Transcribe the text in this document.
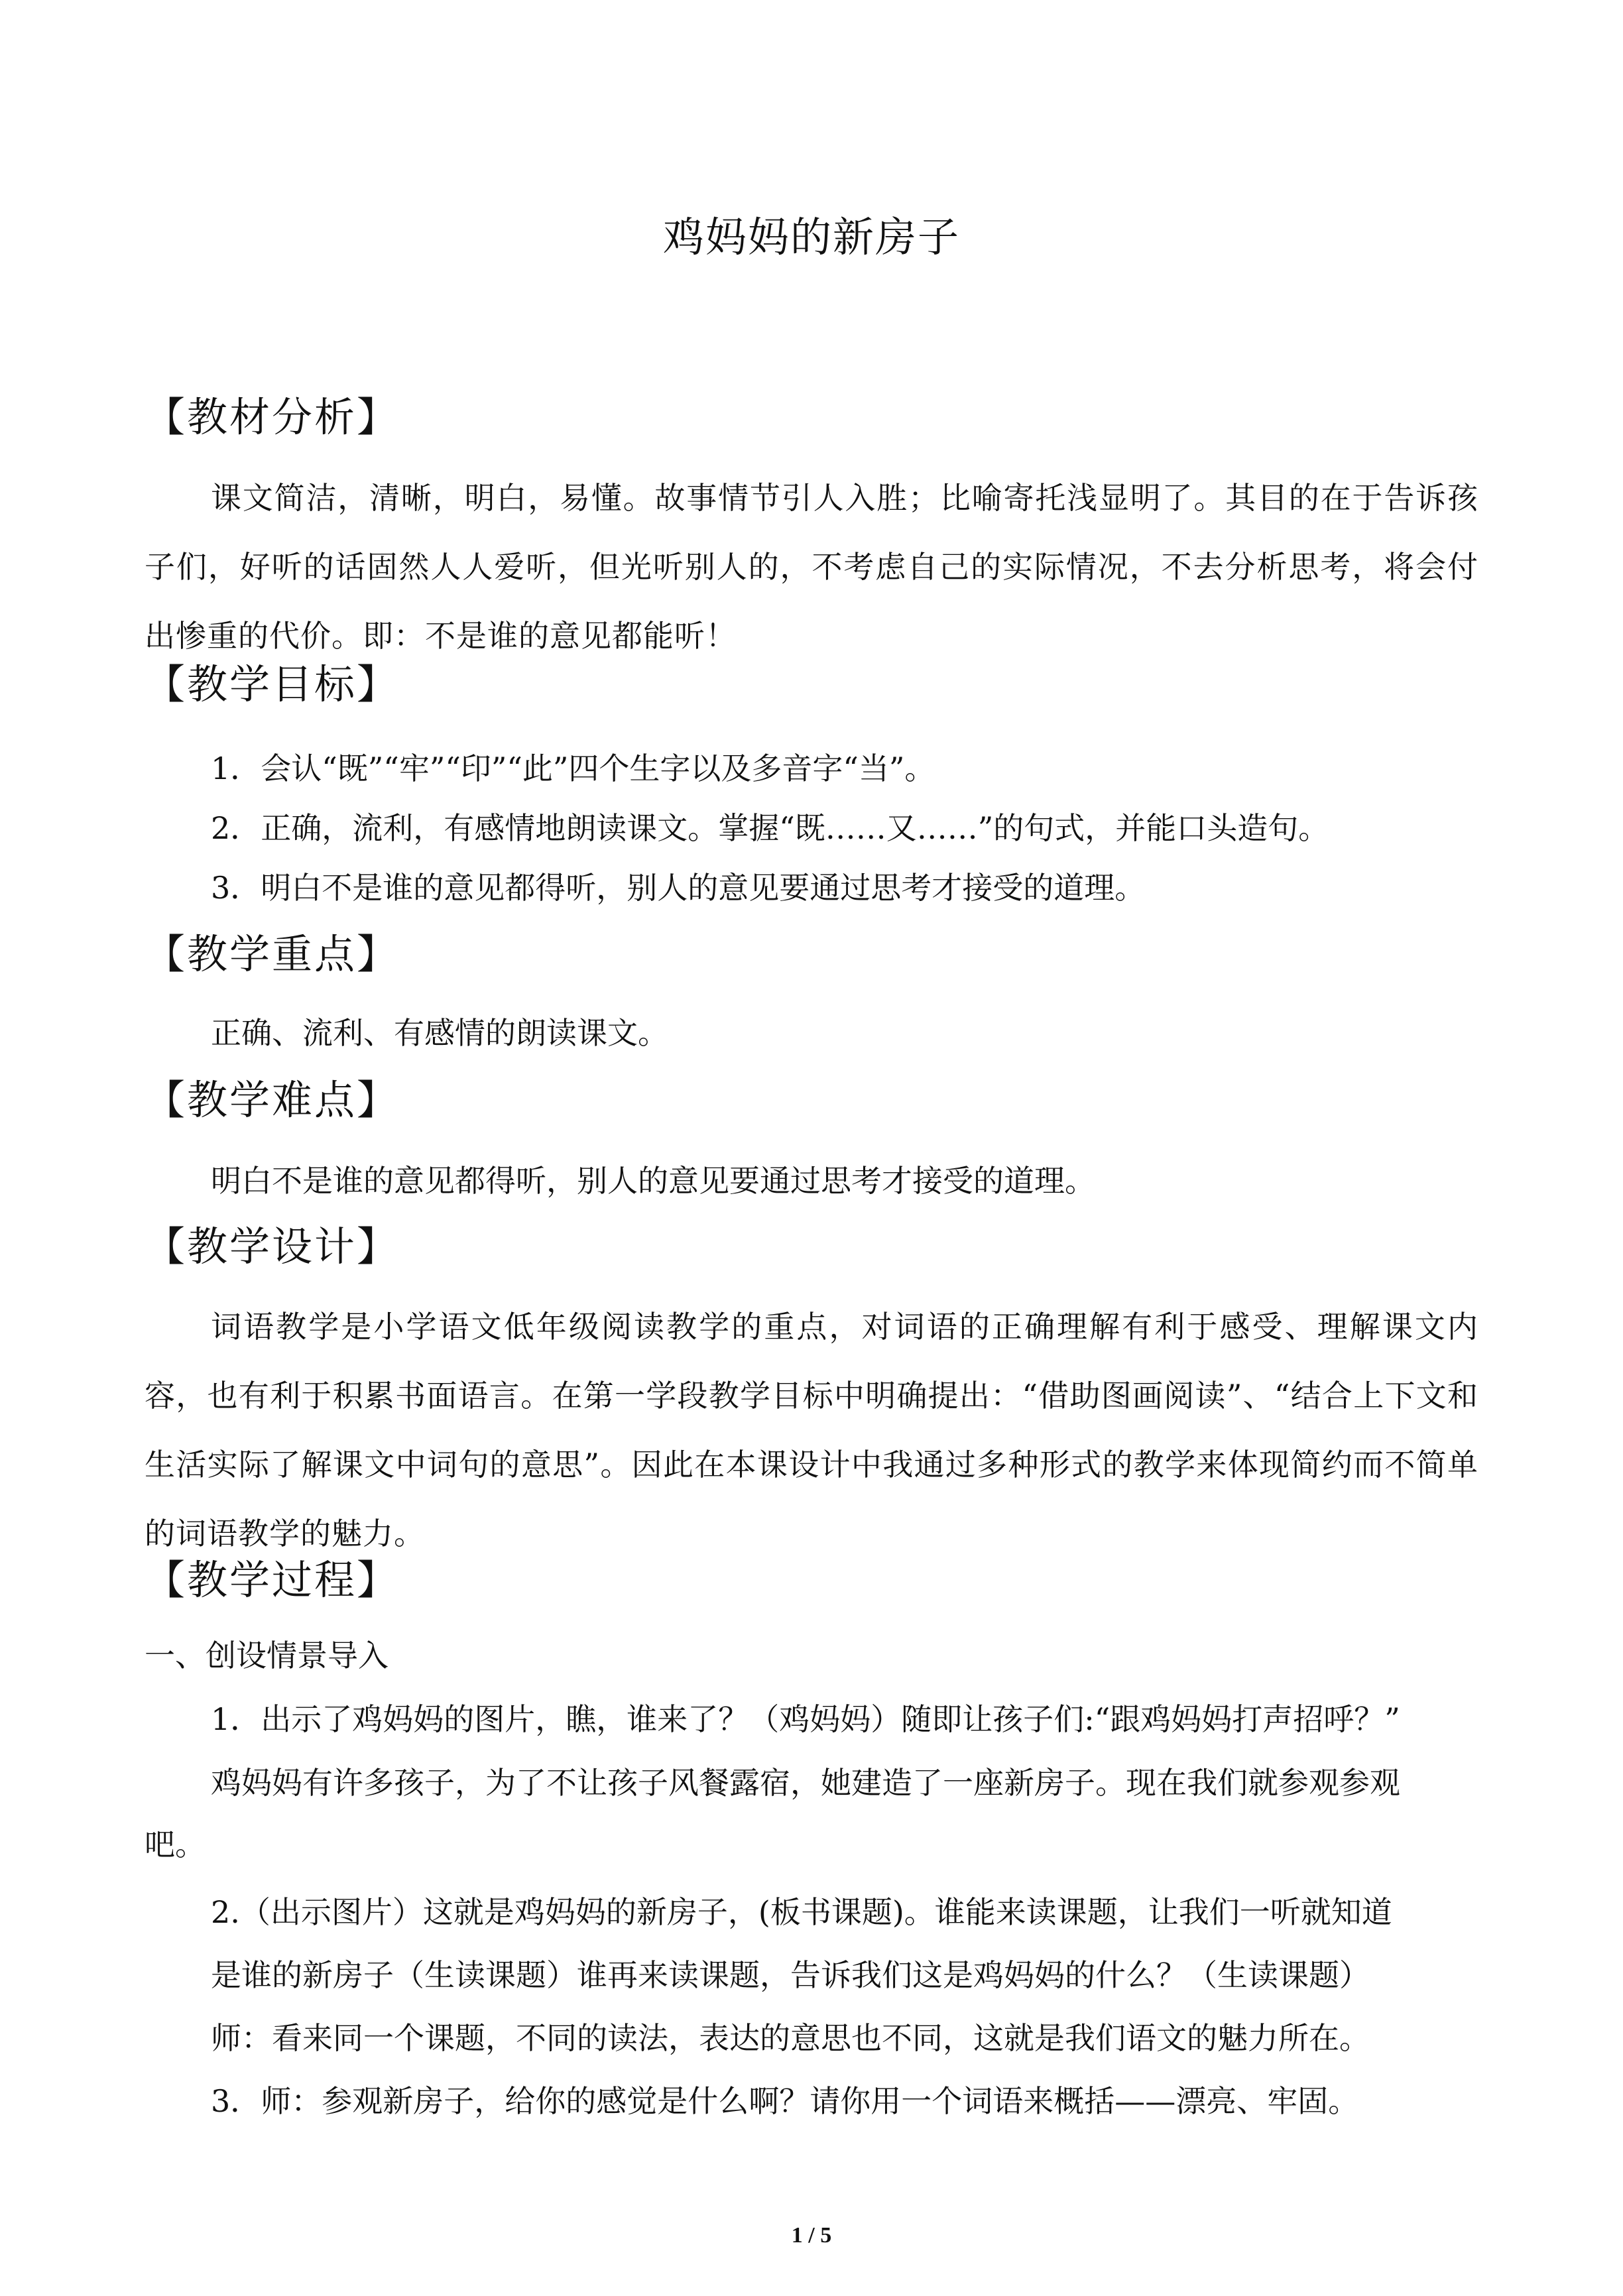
鸡妈妈的新房子
【教材分析】
课文简洁，清晰，明白，易懂。故事情节引人入胜；比喻寄托浅显明了。其目的在于告诉孩子们，好听的话固然人人爱听，但光听别人的，不考虑自己的实际情况，不去分析思考，将会付出惨重的代价。即：不是谁的意见都能听！
【教学目标】
1．会认“既”“牢”“印”“此”四个生字以及多音字“当”。
2．正确，流利，有感情地朗读课文。掌握“既……又……”的句式，并能口头造句。
3．明白不是谁的意见都得听，别人的意见要通过思考才接受的道理。
【教学重点】
正确、流利、有感情的朗读课文。
【教学难点】
明白不是谁的意见都得听，别人的意见要通过思考才接受的道理。
【教学设计】
词语教学是小学语文低年级阅读教学的重点，对词语的正确理解有利于感受、理解课文内容，也有利于积累书面语言。在第一学段教学目标中明确提出：“借助图画阅读”、“结合上下文和生活实际了解课文中词句的意思”。因此在本课设计中我通过多种形式的教学来体现简约而不简单的词语教学的魅力。
【教学过程】
一、创设情景导入
1．出示了鸡妈妈的图片，瞧，谁来了？（鸡妈妈）随即让孩子们:“跟鸡妈妈打声招呼？”
鸡妈妈有许多孩子，为了不让孩子风餐露宿，她建造了一座新房子。现在我们就参观参观
吧。
2.（出示图片）这就是鸡妈妈的新房子，(板书课题)。谁能来读课题，让我们一听就知道
是谁的新房子（生读课题）谁再来读课题，告诉我们这是鸡妈妈的什么？（生读课题）
师：看来同一个课题，不同的读法，表达的意思也不同，这就是我们语文的魅力所在。
3．师：参观新房子，给你的感觉是什么啊？请你用一个词语来概括——漂亮、牢固。
1 / 5
